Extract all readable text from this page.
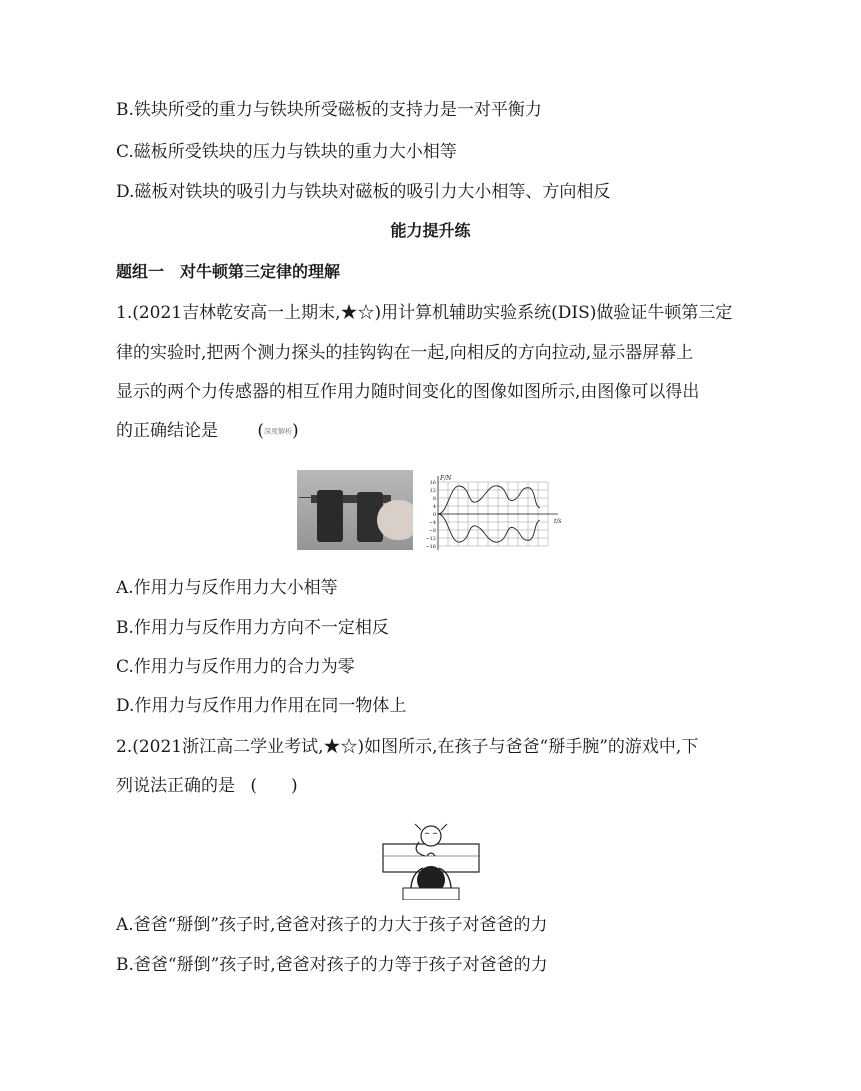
B.铁块所受的重力与铁块所受磁板的支持力是一对平衡力
C.磁板所受铁块的压力与铁块的重力大小相等
D.磁板对铁块的吸引力与铁块对磁板的吸引力大小相等、方向相反
能力提升练
题组一　对牛顿第三定律的理解
1.(2021吉林乾安高一上期末,★☆)用计算机辅助实验系统(DIS)做验证牛顿第三定
律的实验时,把两个测力探头的挂钩钩在一起,向相反的方向拉动,显示器屏幕上
显示的两个力传感器的相互作用力随时间变化的图像如图所示,由图像可以得出
的正确结论是 (深度解析)
F/N
t/s
16
12
8
4
0
−4
−8
−12
−16
A.作用力与反作用力大小相等
B.作用力与反作用力方向不一定相反
C.作用力与反作用力的合力为零
D.作用力与反作用力作用在同一物体上
2.(2021浙江高二学业考试,★☆)如图所示,在孩子与爸爸“掰手腕”的游戏中,下
列说法正确的是 (　　)
A.爸爸“掰倒”孩子时,爸爸对孩子的力大于孩子对爸爸的力
B.爸爸“掰倒”孩子时,爸爸对孩子的力等于孩子对爸爸的力
